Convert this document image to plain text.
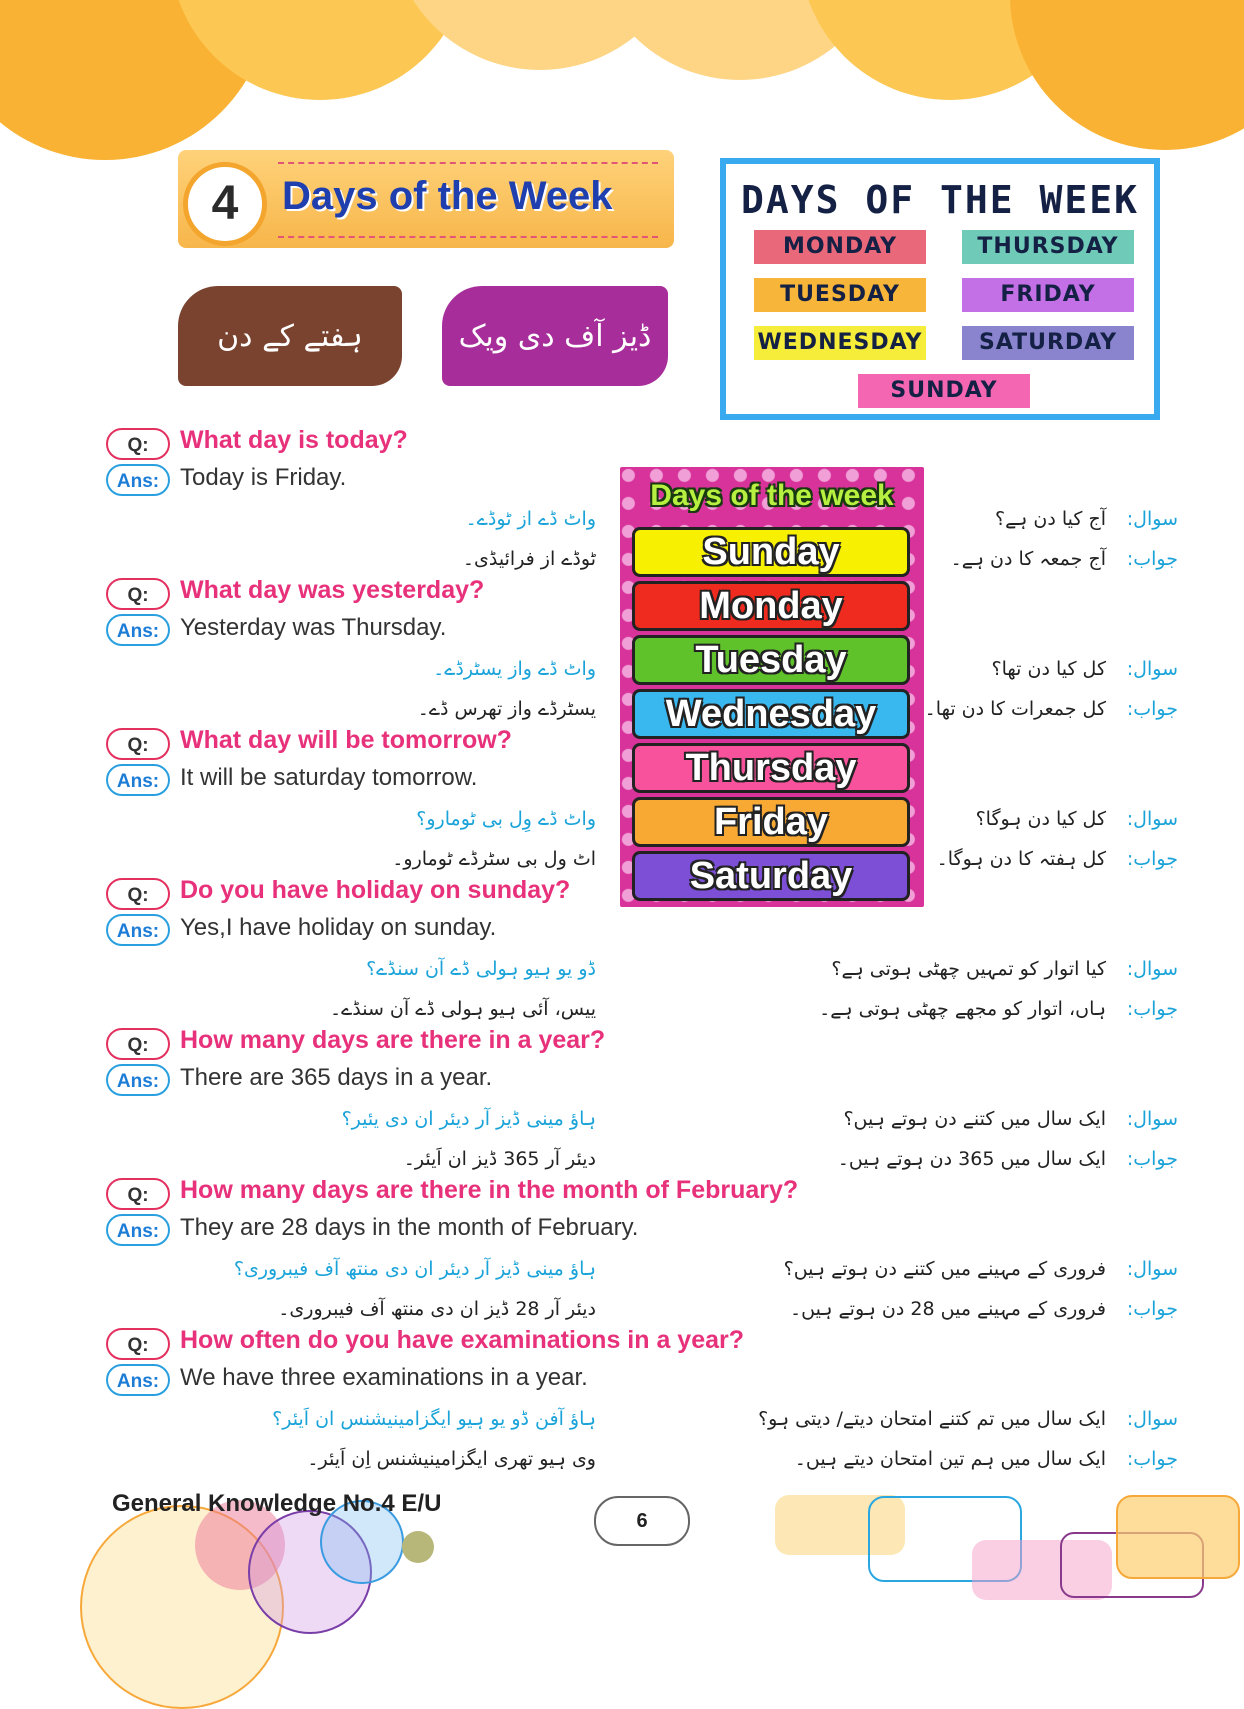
4	Days of the Week
ہفتے کے دن	ڈیز آف دی ویک
DAYS OF THE WEEK
MONDAY	THURSDAY
TUESDAY	FRIDAY
WEDNESDAY	SATURDAY
SUNDAY
Days of the week
Sunday
Monday
Tuesday
Wednesday
Thursday
Friday
Saturday
Q:	What day is today?
Ans: Today is Friday.
واٹ ڈے از ٹوڈے۔
ٹوڈے از فرائیڈی۔
آج کیا دن ہے؟
آج جمعہ کا دن ہے۔
سوال:
جواب:
Q:	What day was yesterday?
Ans: Yesterday was Thursday.
واٹ ڈے واز یسٹرڈے۔
یسٹرڈے واز تھرس ڈے۔
کل کیا دن تھا؟
کل جمعرات کا دن تھا۔
سوال:
جواب:
Q:	What day will be tomorrow?
Ans: It will be saturday tomorrow.
واٹ ڈے وِل بی ٹومارو؟
اٹ ول بی سٹرڈے ٹومارو۔
کل کیا دن ہوگا؟
کل ہفتہ کا دن ہوگا۔
سوال:
جواب:
Q:	Do you have holiday on sunday?
Ans: Yes,I have holiday on sunday.
ڈو یو ہیو ہولی ڈے آن سنڈے؟
ییس، آئی ہیو ہولی ڈے آن سنڈے۔
کیا اتوار کو تمہیں چھٹی ہوتی ہے؟
ہاں، اتوار کو مجھے چھٹی ہوتی ہے۔
سوال:
جواب:
Q:	How many days are there in a year?
Ans: There are 365 days in a year.
ہاؤ مینی ڈیز آر دیئر ان دی یئیر؟
دیئر آر 365 ڈیز ان اَیئر۔
ایک سال میں کتنے دن ہوتے ہیں؟
ایک سال میں 365 دن ہوتے ہیں۔
سوال:
جواب:
Q:	How many days are there in the month of February?
Ans: They are 28 days in the month of February.
ہاؤ مینی ڈیز آر دیئر ان دی منتھ آف فیبروری؟
دیئر آر 28 ڈیز ان دی منتھ آف فیبروری۔
فروری کے مہینے میں کتنے دن ہوتے ہیں؟
فروری کے مہینے میں 28 دن ہوتے ہیں۔
سوال:
جواب:
Q:	How often do you have examinations in a year?
Ans: We have three examinations in a year.
ہاؤ آفن ڈو یو ہیو ایگزامینیشنس ان اَیئر؟
وی ہیو تھری ایگزامینیشنس اِن اَیئر۔
ایک سال میں تم کتنے امتحان دیتے/ دیتی ہو؟
ایک سال میں ہم تین امتحان دیتے ہیں۔
سوال:
جواب:
General Knowledge No.4 E/U
6
